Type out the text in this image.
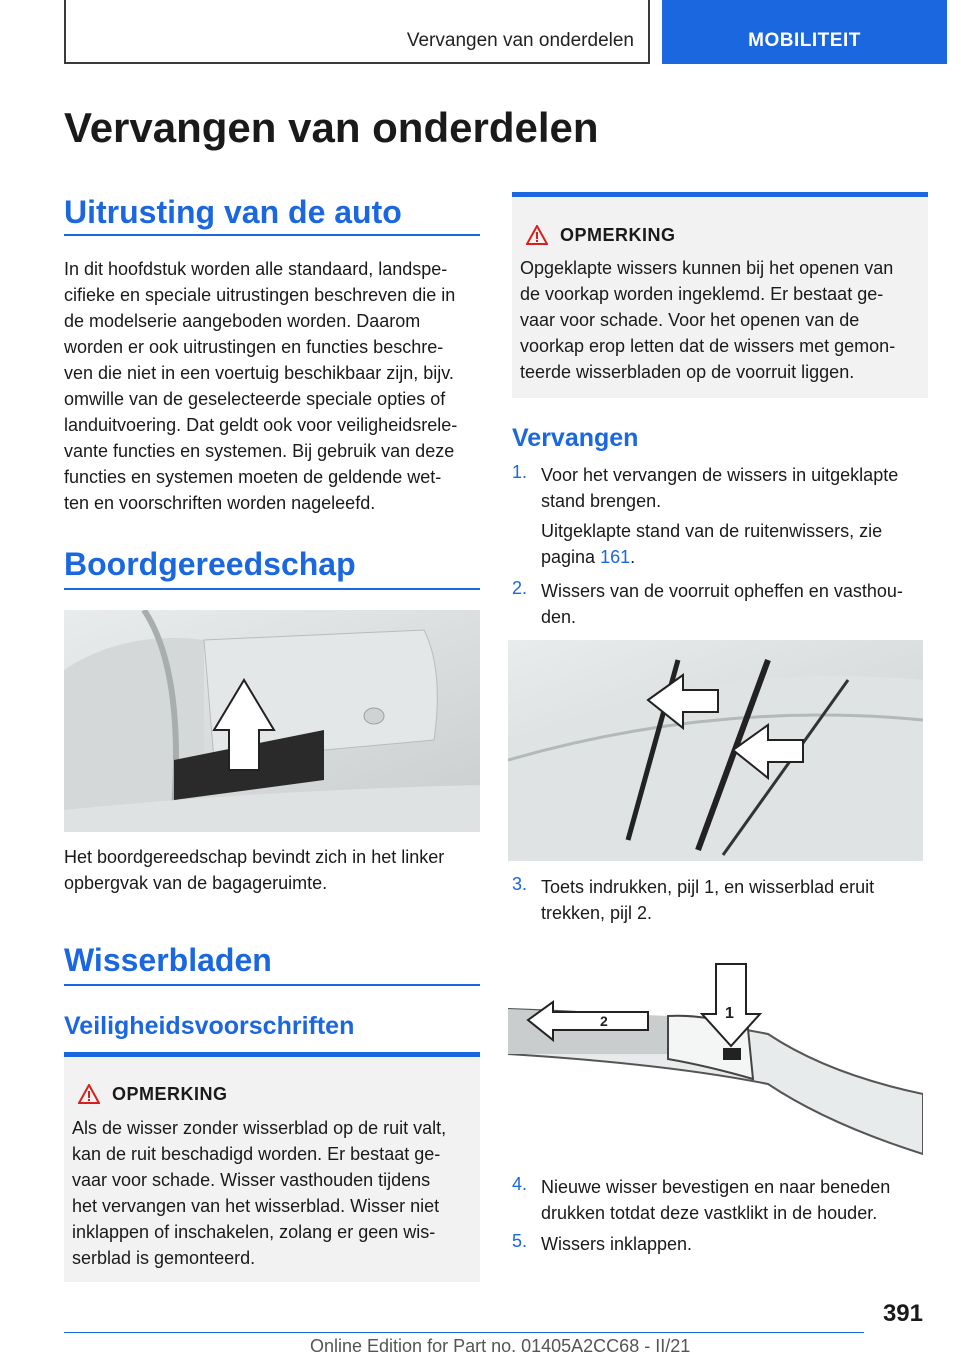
Vervangen van onderdelen	MOBILITEIT
Vervangen van onderdelen
Uitrusting van de auto
In dit hoofdstuk worden alle standaard, landspe-
cifieke en speciale uitrustingen beschreven die in
de modelserie aangeboden worden. Daarom
worden er ook uitrustingen en functies beschre-
ven die niet in een voertuig beschikbaar zijn, bijv.
omwille van de geselecteerde speciale opties of
landuitvoering. Dat geldt ook voor veiligheidsrele-
vante functies en systemen. Bij gebruik van deze
functies en systemen moeten de geldende wet-
ten en voorschriften worden nageleefd.
Boordgereedschap
Het boordgereedschap bevindt zich in het linker
opbergvak van de bagageruimte.
Wisserbladen
Veiligheidsvoorschriften
OPMERKING
Als de wisser zonder wisserblad op de ruit valt,
kan de ruit beschadigd worden. Er bestaat ge-
vaar voor schade. Wisser vasthouden tijdens
het vervangen van het wisserblad. Wisser niet
inklappen of inschakelen, zolang er geen wis-
serblad is gemonteerd.
OPMERKING
Opgeklapte wissers kunnen bij het openen van
de voorkap worden ingeklemd. Er bestaat ge-
vaar voor schade. Voor het openen van de
voorkap erop letten dat de wissers met gemon-
teerde wisserbladen op de voorruit liggen.
Vervangen
1. Voor het vervangen de wissers in uitgeklapte
stand brengen.
Uitgeklapte stand van de ruitenwissers, zie
pagina 161.
2. Wissers van de voorruit opheffen en vasthou-
den.
3. Toets indrukken, pijl 1, en wisserblad eruit
trekken, pijl 2.
2	1
4. Nieuwe wisser bevestigen en naar beneden
drukken totdat deze vastklikt in de houder.
5. Wissers inklappen.
391
Online Edition for Part no. 01405A2CC68 - II/21
